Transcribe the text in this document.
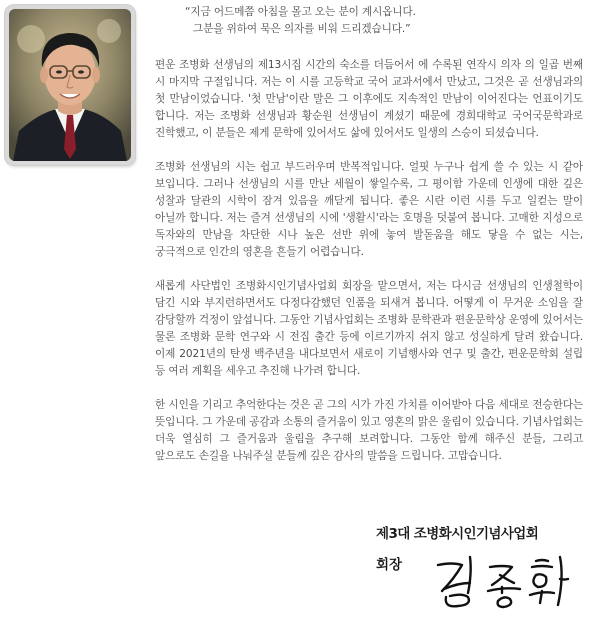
“지금 어드메쯤 아침을 몰고 오는 분이 계시옵니다.
그분을 위하여 묵은 의자를 비워 드리겠습니다.”

편운 조병화 선생님의 제13시집 시간의 숙소를 더듬어서 에 수록된 연작시 의자 의 일곱 번째 시 마지막 구절입니다. 저는 이 시를 고등학교 국어 교과서에서 만났고, 그것은 곧 선생님과의 첫 만남이었습니다. '첫 만남'이란 말은 그 이후에도 지속적인 만남이 이어진다는 언표이기도 합니다. 저는 조병화 선생님과 황순원 선생님이 계셨기 때문에 경희대학교 국어국문학과로 진학했고, 이 분들은 제게 문학에 있어서도 삶에 있어서도 일생의 스승이 되셨습니다.

조병화 선생님의 시는 쉽고 부드러우며 반복적입니다. 얼핏 누구나 쉽게 쓸 수 있는 시 같아 보입니다. 그러나 선생님의 시를 만난 세월이 쌓일수록, 그 평이함 가운데 인생에 대한 깊은 성찰과 달관의 시학이 잠겨 있음을 깨닫게 됩니다. 좋은 시란 이런 시를 두고 일컫는 말이 아닐까 합니다. 저는 즐겨 선생님의 시에 '생활시'라는 호명을 덧붙여 봅니다. 고매한 지성으로 독자와의 만남을 차단한 시나 높은 선반 위에 놓여 발돋움을 해도 닿을 수 없는 시는, 궁극적으로 인간의 영혼을 흔들기 어렵습니다.

새롭게 사단법인 조병화시인기념사업회 회장을 맡으면서, 저는 다시금 선생님의 인생철학이 담긴 시와 부지런하면서도 다정다감했던 인품을 되새겨 봅니다. 어떻게 이 무거운 소임을 잘 감당할까 걱정이 앞섭니다. 그동안 기념사업회는 조병화 문학관과 편운문학상 운영에 있어서는 물론 조병화 문학 연구와 시 전집 출간 등에 이르기까지 쉬지 않고 성실하게 달려 왔습니다. 이제 2021년의 탄생 백주년을 내다보면서 새로이 기념행사와 연구 및 출간, 편운문학회 설립 등 여러 계획을 세우고 추진해 나가려 합니다.

한 시인을 기리고 추억한다는 것은 곧 그의 시가 가진 가치를 이어받아 다음 세대로 전승한다는 뜻입니다. 그 가운데 공감과 소통의 즐거움이 있고 영혼의 맑은 울림이 있습니다. 기념사업회는 더욱 열심히 그 즐거움과 울림을 추구해 보려합니다. 그동안 함께 해주신 분들, 그리고 앞으로도 손길을 나눠주실 분들께 깊은 감사의 말씀을 드립니다. 고맙습니다.

제3대 조병화시인기념사업회
회장
